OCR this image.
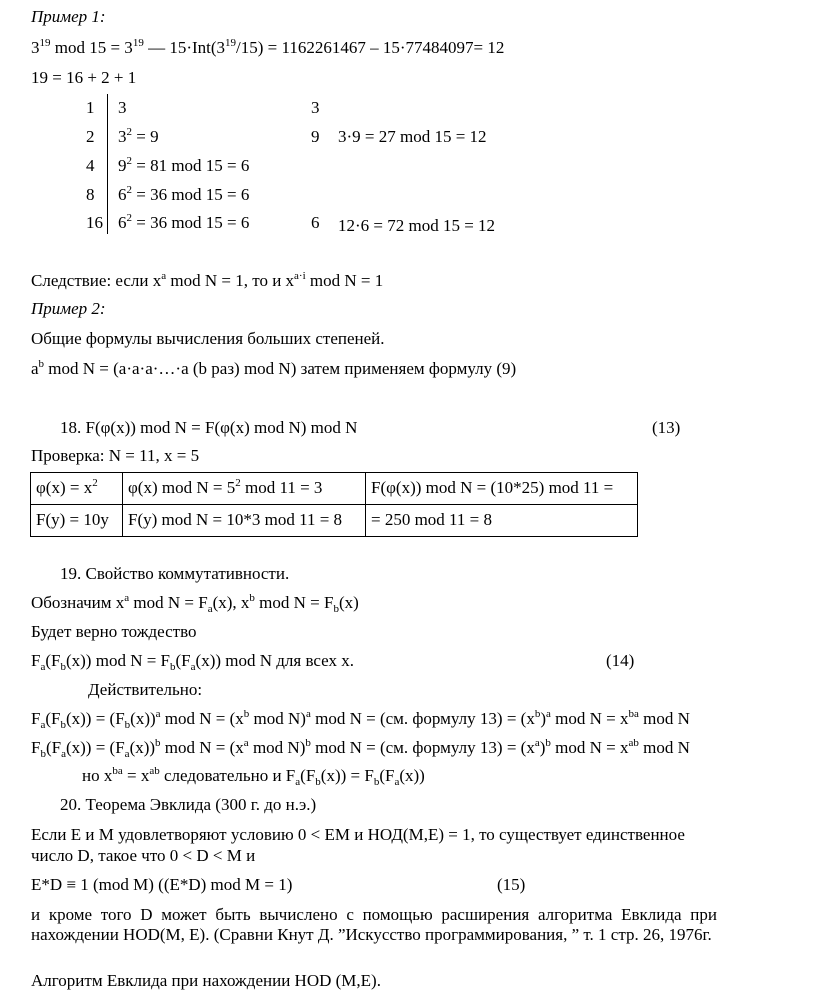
Пример 1:
$3^{19}$ mod $15 = 3^{19}$ — $15\cdot Int(3^{19}/15) = 1162261467 - 15\cdot 77484097= 12$
19 = 16 + 2 + 1
1 3	3
2 $3^2 = 9$	9 3·9 = 27 mod 15 = 12
4 $9^2 = 81$ mod 15 = 6
8 $6^2 = 36$ mod 15 = 6
16 $6^2 = 36$ mod 15 = 6	6 12·6 = 72 mod 15 = 12
Следствие: если $x^a$ mod N = 1, то и $x^{a\cdot i}$ mod N = 1
Пример 2:
Общие формулы вычисления больших степеней.
$a^b$ mod N = (a·a·a·…·a (b раз) mod N) затем применяем формулу (9)
18. F(φ(x)) mod N = F(φ(x) mod N) mod N	(13)
Проверка: N = 11, x = 5
$\varphi(x) = x^2$	φ(x) mod $N = 5^2$ mod 11 = 3	F(φ(x)) mod N = (10*25) mod 11 =
F(y) = 10y	F(y) mod N = 10*3 mod 11 = 8	= 250 mod 11 = 8
19. Свойство коммутативности.
Обозначим $x^a$ mod $N = F_a(x)$, $x^b$ mod $N = F_b(x)$
Будет верно тождество
$F_a(F_b(x))$ mod $N = F_b(F_a(x))$ mod N для всех x.	(14)
Действительно:
$F_a(F_b(x)) = (F_b(x))^a$ mod $N = (x^b$ mod N)$^a$ mod N = (см. формулу $13) = (x^b)^a$ mod $N = x^{ba}$ mod N
$F_b(F_a(x)) = (F_a(x))^b$ mod $N = (x^a$ mod N)$^b$ mod N = (см. формулу $13) = (x^a)^b$ mod $N = x^{ab}$ mod N
но $x^{ba} = x^{ab}$ следовательно и $F_a(F_b(x)) = F_b(F_a(x))$
20. Теорема Эвклида (300 г. до н.э.)
Если E и M удовлетворяют условию 0 < EM и НОД(M,E) = 1, то существует единственное число D, такое что 0 < D < M и
E*D ≡ 1 (mod M) ((E*D) mod M = 1)	(15)
и кроме того D может быть вычислено с помощью расширения алгоритма Евклида при нахождении НОD(M, E). (Сравни Кнут Д. ”Искусство программирования, ” т. 1 стр. 26, 1976г.
Алгоритм Евклида при нахождении НОD (M,E).
